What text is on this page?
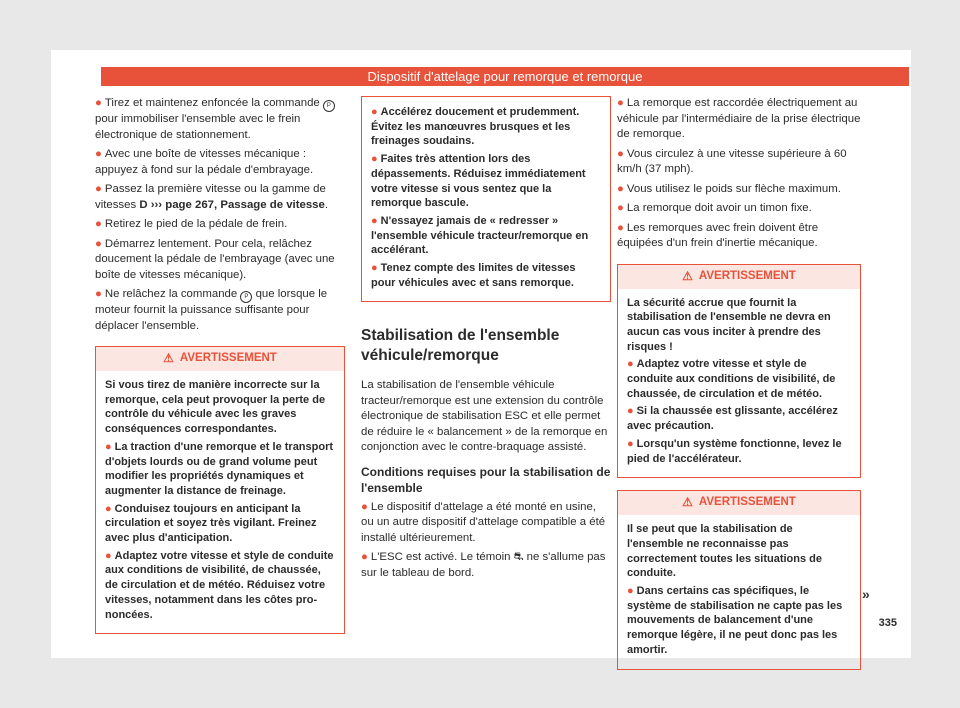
Dispositif d'attelage pour remorque et remorque
● Tirez et maintenez enfoncée la commande P pour immobiliser l'ensemble avec le frein électronique de stationnement.
● Avec une boîte de vitesses mécanique : appuyez à fond sur la pédale d'embrayage.
● Passez la première vitesse ou la gamme de vitesses D ››› page 267, Passage de vitesse.
● Retirez le pied de la pédale de frein.
● Démarrez lentement. Pour cela, relâchez doucement la pédale de l'embrayage (avec une boîte de vitesses mécanique).
● Ne relâchez la commande P que lorsque le moteur fournit la puissance suffisante pour déplacer l'ensemble.
⚠ AVERTISSEMENT

Si vous tirez de manière incorrecte sur la remorque, cela peut provoquer la perte de contrôle du véhicule avec les graves conséquences correspondantes.

● La traction d'une remorque et le transport d'objets lourds ou de grand volume peut modifier les propriétés dynamiques et augmenter la distance de freinage.
● Conduisez toujours en anticipant la circulation et soyez très vigilant. Freinez avec plus d'anticipation.
● Adaptez votre vitesse et style de conduite aux conditions de visibilité, de chaussée, de circulation et de météo. Réduisez votre vitesses, notamment dans les côtes pro-noncées.
● Accélérez doucement et prudemment. Évitez les manœuvres brusques et les freinages soudains.
● Faites très attention lors des dépassements. Réduisez immédiatement votre vitesse si vous sentez que la remorque bascule.
● N'essayez jamais de « redresser » l'ensemble véhicule tracteur/remorque en accélérant.
● Tenez compte des limites de vitesses pour véhicules avec et sans remorque.
Stabilisation de l'ensemble véhicule/remorque

La stabilisation de l'ensemble véhicule tracteur/remorque est une extension du contrôle électronique de stabilisation ESC et elle permet de réduire le « balancement » de la remorque en conjonction avec le contre-braquage assisté.

Conditions requises pour la stabilisation de l'ensemble
● Le dispositif d'attelage a été monté en usine, ou un autre dispositif d'attelage compatible a été installé ultérieurement.
● L'ESC est activé. Le témoin ⛐ ne s'allume pas sur le tableau de bord.
● La remorque est raccordée électriquement au véhicule par l'intermédiaire de la prise électrique de remorque.
● Vous circulez à une vitesse supérieure à 60 km/h (37 mph).
● Vous utilisez le poids sur flèche maximum.
● La remorque doit avoir un timon fixe.
● Les remorques avec frein doivent être équipées d'un frein d'inertie mécanique.
⚠ AVERTISSEMENT

La sécurité accrue que fournit la stabilisation de l'ensemble ne devra en aucun cas vous inciter à prendre des risques !

● Adaptez votre vitesse et style de conduite aux conditions de visibilité, de chaussée, de circulation et de météo.
● Si la chaussée est glissante, accélérez avec précaution.
● Lorsqu'un système fonctionne, levez le pied de l'accélérateur.
⚠ AVERTISSEMENT

Il se peut que la stabilisation de l'ensemble ne reconnaisse pas correctement toutes les situations de conduite.

● Dans certains cas spécifiques, le système de stabilisation ne capte pas les mouvements de balancement d'une remorque légère, il ne peut donc pas les amortir.
»
335
